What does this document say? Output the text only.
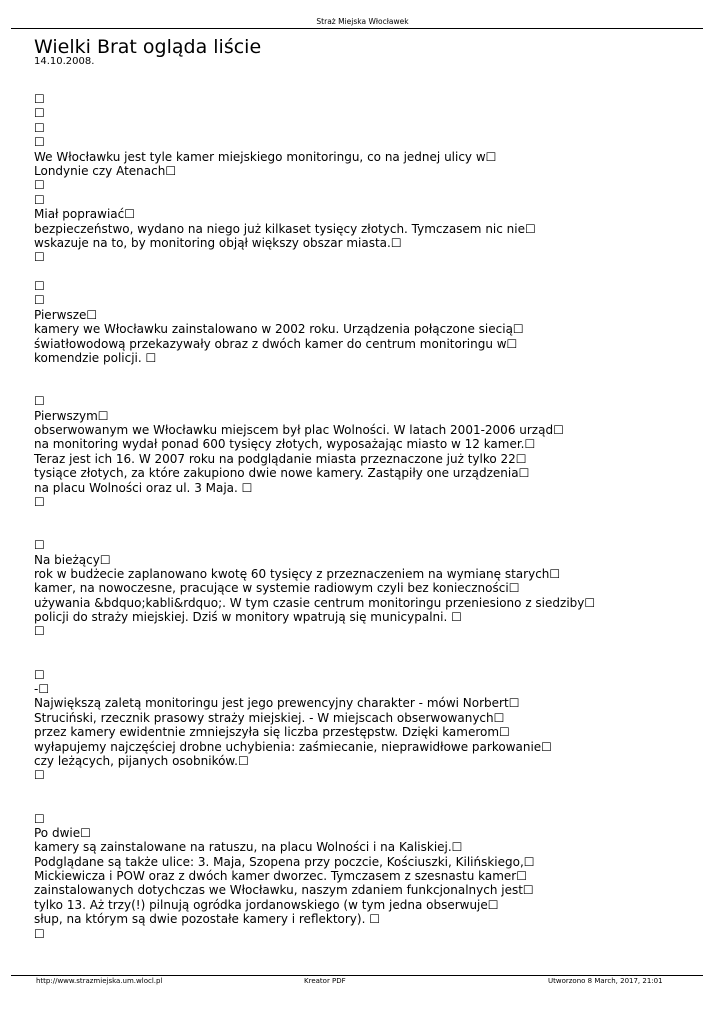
Straż Miejska Włocławek
Wielki Brat ogląda liście
14.10.2008.
☐
☐
☐
☐
We Włocławku jest tyle kamer miejskiego monitoringu, co na jednej ulicy w☐
Londynie czy Atenach☐
☐
☐
Miał poprawiać☐
bezpieczeństwo, wydano na niego już kilkaset tysięcy złotych. Tymczasem nic nie☐
wskazuje na to, by monitoring objął większy obszar miasta.☐
☐
☐
☐
Pierwsze☐
kamery we Włocławku zainstalowano w 2002 roku. Urządzenia połączone siecią☐
światłowodową przekazywały obraz z dwóch kamer do centrum monitoringu w☐
komendzie policji. ☐
☐
Pierwszym☐
obserwowanym we Włocławku miejscem był plac Wolności. W latach 2001-2006 urząd☐
na monitoring wydał ponad 600 tysięcy złotych, wyposażając miasto w 12 kamer.☐
Teraz jest ich 16. W 2007 roku na podglądanie miasta przeznaczone już tylko 22☐
tysiące złotych, za które zakupiono dwie nowe kamery. Zastąpiły one urządzenia☐
na placu Wolności oraz ul. 3 Maja. ☐
☐
☐
Na bieżący☐
rok w budżecie zaplanowano kwotę 60 tysięcy z przeznaczeniem na wymianę starych☐
kamer, na nowoczesne, pracujące w systemie radiowym czyli bez konieczności☐
używania &bdquo;kabli&rdquo;. W tym czasie centrum monitoringu przeniesiono z siedziby☐
policji do straży miejskiej. Dziś w monitory wpatrują się municypalni. ☐
☐
☐
-☐
Największą zaletą monitoringu jest jego prewencyjny charakter - mówi Norbert☐
Struciński, rzecznik prasowy straży miejskiej. - W miejscach obserwowanych☐
przez kamery ewidentnie zmniejszyła się liczba przestępstw. Dzięki kamerom☐
wyłapujemy najczęściej drobne uchybienia: zaśmiecanie, nieprawidłowe parkowanie☐
czy leżących, pijanych osobników.☐
☐
☐
Po dwie☐
kamery są zainstalowane na ratuszu, na placu Wolności i na Kaliskiej.☐
Podglądane są także ulice: 3. Maja, Szopena przy poczcie, Kościuszki, Kilińskiego,☐
Mickiewicza i POW oraz z dwóch kamer dworzec. Tymczasem z szesnastu kamer☐
zainstalowanych dotychczas we Włocławku, naszym zdaniem funkcjonalnych jest☐
tylko 13. Aż trzy(!) pilnują ogródka jordanowskiego (w tym jedna obserwuje☐
słup, na którym są dwie pozostałe kamery i reflektory). ☐
☐
http://www.strazmiejska.um.wlocl.pl	Kreator PDF	Utworzono 8 March, 2017, 21:01
